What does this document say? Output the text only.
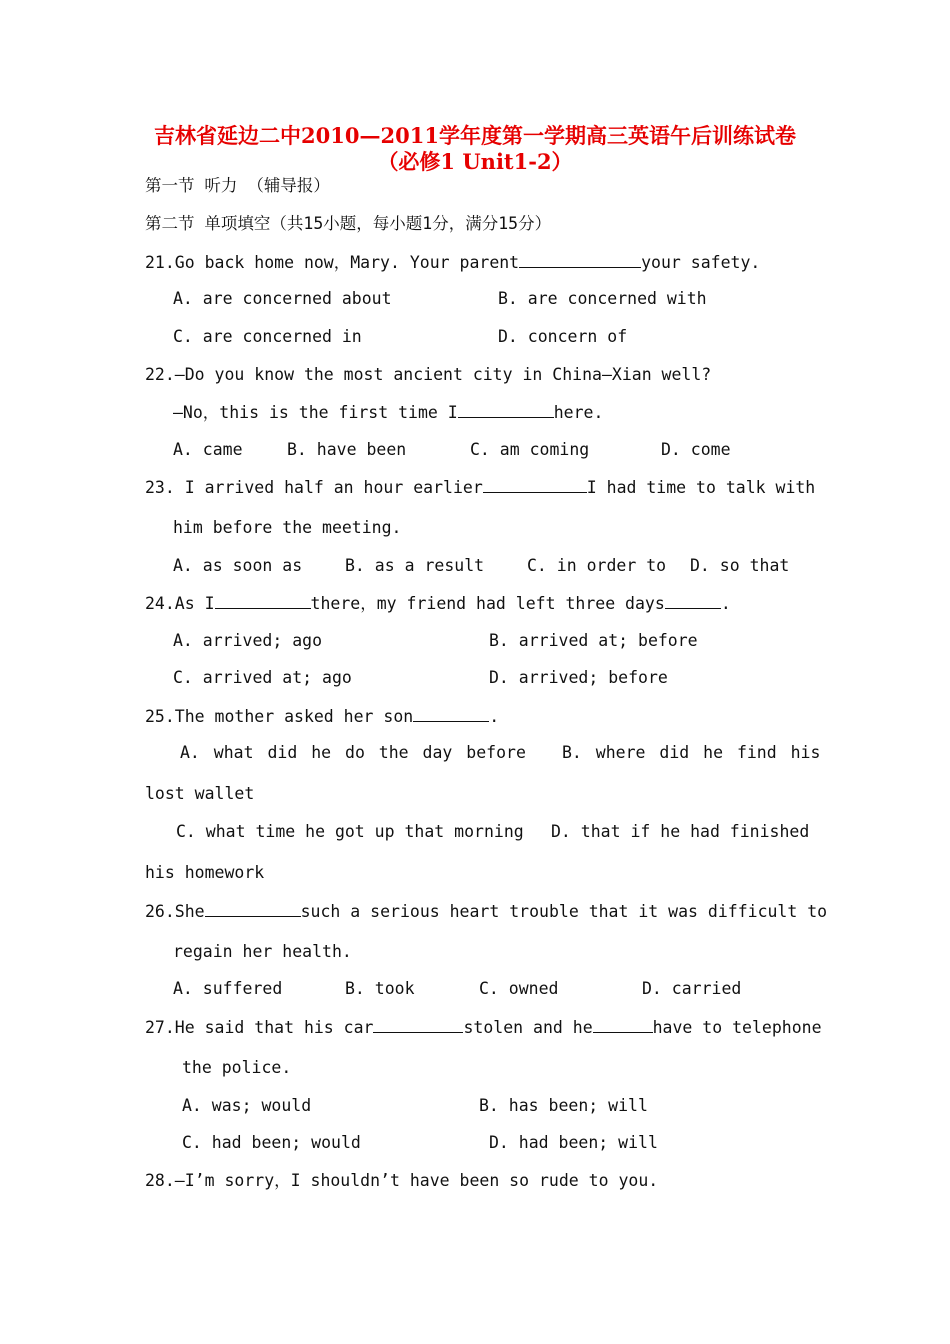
吉林省延边二中2010—2011学年度第一学期高三英语午后训练试卷
（必修1 Unit1-2）
第一节 听力 （辅导报）
第二节 单项填空（共15小题，每小题1分，满分15分）
21.Go back home now，Mary. Your parent	your safety.
A. are concerned about	B. are concerned with
C. are concerned in	D. concern of
22.—Do you know the most ancient city in China—Xian well?
—No，this is the first time I	here.
A. came	B. have been	C. am coming	D. come
23. I arrived half an hour earlier	I had time to talk with
him before the meeting.
A. as soon as	B. as a result	C. in order to D. so that
24.As I	there，my friend had left three days	.
A. arrived; ago	B. arrived at; before
C. arrived at; ago	D. arrived; before
25.The mother asked her son	.
A. what did he do the day before B. where did he find his
lost wallet
C. what time he got up that morning D. that if he had finished
his homework
26.She	such a serious heart trouble that it was difficult to
regain her health.
A. suffered	B. took	C. owned	D. carried
27.He said that his car	stolen and he	have to telephone
the police.
A. was; would	B. has been; will
C. had been; would	D. had been; will
28.—I’m sorry，I shouldn’t have been so rude to you.
